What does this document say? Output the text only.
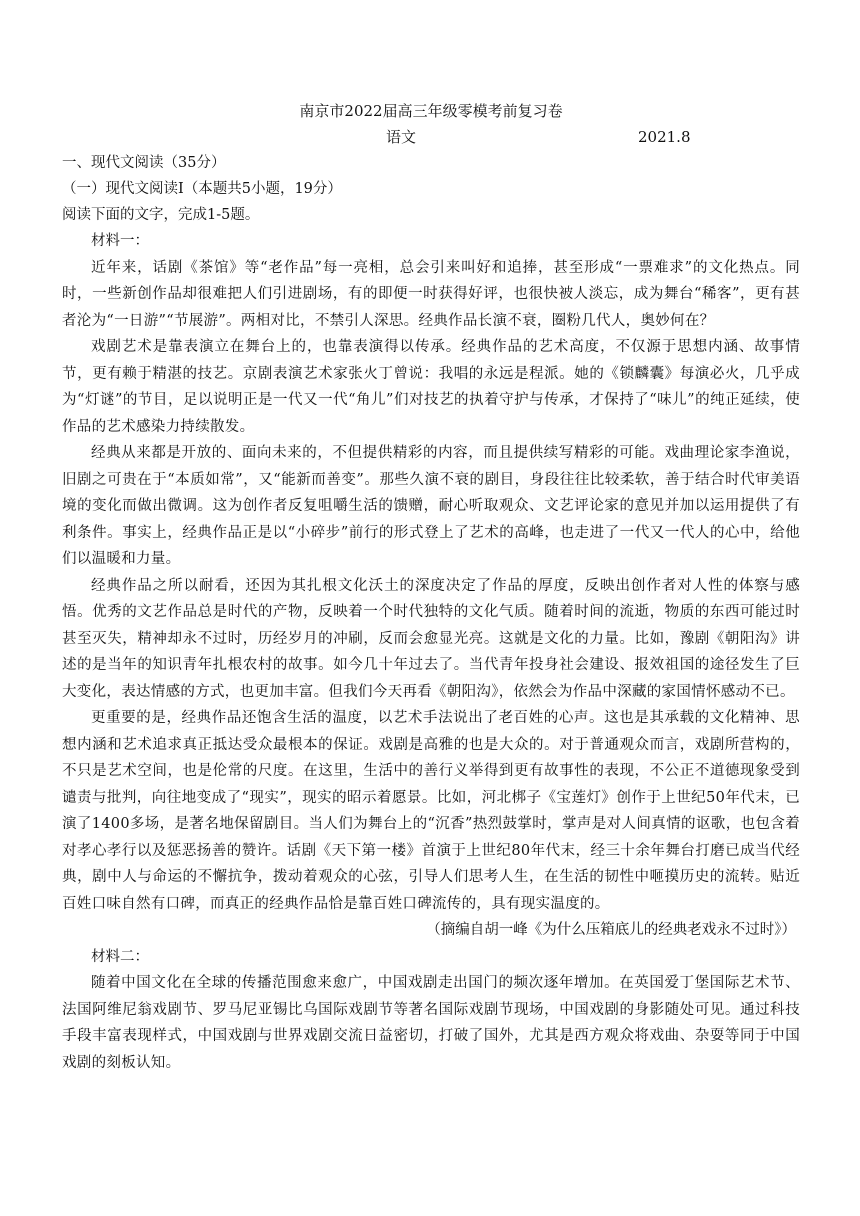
南京市2022届高三年级零模考前复习卷
语文	2021.8
一、现代文阅读（35分）
（一）现代文阅读Ⅰ（本题共5小题，19分）
阅读下面的文字，完成1-5题。

材料一：

近年来，话剧《茶馆》等“老作品”每一亮相，总会引来叫好和追捧，甚至形成“一票难求”的文化热点。同时，一些新创作品却很难把人们引进剧场，有的即便一时获得好评，也很快被人淡忘，成为舞台“稀客”，更有甚者沦为“一日游”“节展游”。两相对比，不禁引人深思。经典作品长演不衰，圈粉几代人，奥妙何在？

戏剧艺术是靠表演立在舞台上的，也靠表演得以传承。经典作品的艺术高度，不仅源于思想内涵、故事情节，更有赖于精湛的技艺。京剧表演艺术家张火丁曾说：我唱的永远是程派。她的《锁麟囊》每演必火，几乎成为“灯谜”的节目，足以说明正是一代又一代“角儿”们对技艺的执着守护与传承，才保持了“味儿”的纯正延续，使作品的艺术感染力持续散发。

经典从来都是开放的、面向未来的，不但提供精彩的内容，而且提供续写精彩的可能。戏曲理论家李渔说，旧剧之可贵在于“本质如常”，又“能新而善变”。那些久演不衰的剧目，身段往往比较柔软，善于结合时代审美语境的变化而做出微调。这为创作者反复咀嚼生活的馈赠，耐心听取观众、文艺评论家的意见并加以运用提供了有利条件。事实上，经典作品正是以“小碎步”前行的形式登上了艺术的高峰，也走进了一代又一代人的心中，给他们以温暖和力量。

经典作品之所以耐看，还因为其扎根文化沃土的深度决定了作品的厚度，反映出创作者对人性的体察与感悟。优秀的文艺作品总是时代的产物，反映着一个时代独特的文化气质。随着时间的流逝，物质的东西可能过时甚至灭失，精神却永不过时，历经岁月的冲刷，反而会愈显光亮。这就是文化的力量。比如，豫剧《朝阳沟》讲述的是当年的知识青年扎根农村的故事。如今几十年过去了。当代青年投身社会建设、报效祖国的途径发生了巨大变化，表达情感的方式，也更加丰富。但我们今天再看《朝阳沟》，依然会为作品中深藏的家国情怀感动不已。

更重要的是，经典作品还饱含生活的温度，以艺术手法说出了老百姓的心声。这也是其承载的文化精神、思想内涵和艺术追求真正抵达受众最根本的保证。戏剧是高雅的也是大众的。对于普通观众而言，戏剧所营构的，不只是艺术空间，也是伦常的尺度。在这里，生活中的善行义举得到更有故事性的表现，不公正不道德现象受到谴责与批判，向往地变成了“现实”，现实的昭示着愿景。比如，河北梆子《宝莲灯》创作于上世纪50年代末，已演了1400多场，是著名地保留剧目。当人们为舞台上的“沉香”热烈鼓掌时，掌声是对人间真情的讴歌，也包含着对孝心孝行以及惩恶扬善的赞许。话剧《天下第一楼》首演于上世纪80年代末，经三十余年舞台打磨已成当代经典，剧中人与命运的不懈抗争，拨动着观众的心弦，引导人们思考人生，在生活的韧性中咂摸历史的流转。贴近百姓口味自然有口碑，而真正的经典作品恰是靠百姓口碑流传的，具有现实温度的。

（摘编自胡一峰《为什么压箱底儿的经典老戏永不过时》）

材料二：

随着中国文化在全球的传播范围愈来愈广，中国戏剧走出国门的频次逐年增加。在英国爱丁堡国际艺术节、法国阿维尼翁戏剧节、罗马尼亚锡比乌国际戏剧节等著名国际戏剧节现场，中国戏剧的身影随处可见。通过科技手段丰富表现样式，中国戏剧与世界戏剧交流日益密切，打破了国外，尤其是西方观众将戏曲、杂耍等同于中国戏剧的刻板认知。
